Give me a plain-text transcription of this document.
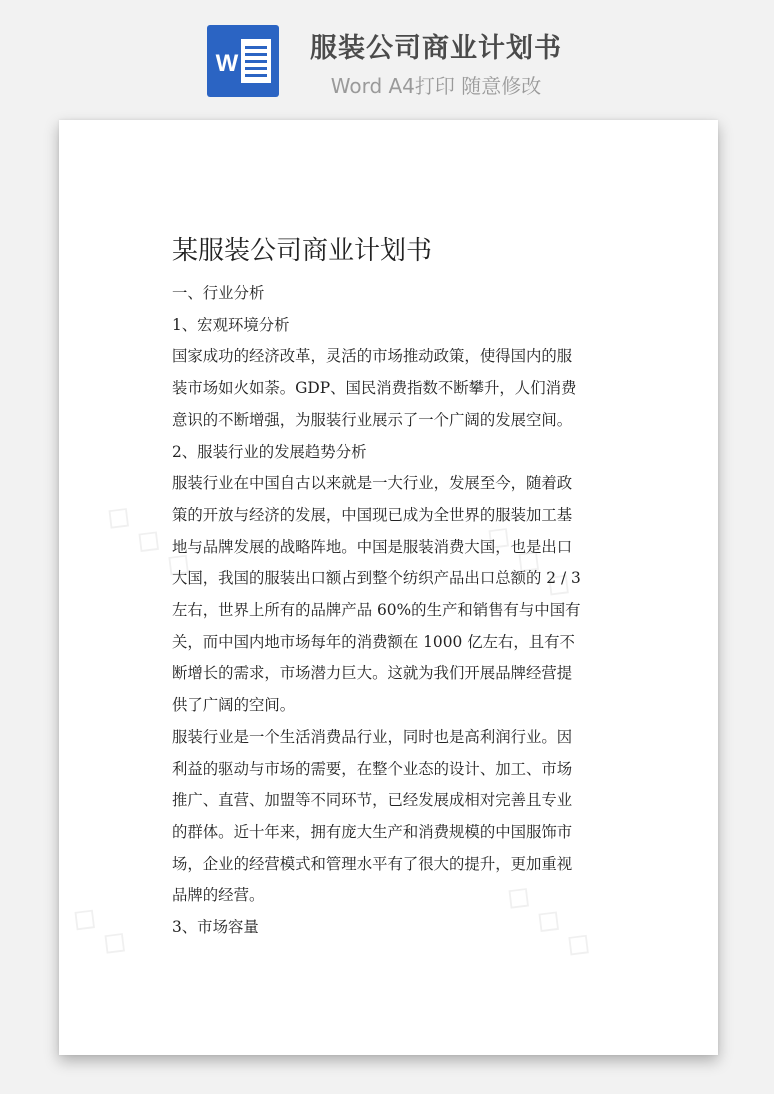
W	服装公司商业计划书
Word A4打印 随意修改
◇ ◇ ◇	◇ ◇ ◇
◇ ◇	◇ ◇ ◇
某服装公司商业计划书

一、行业分析

1、宏观环境分析

国家成功的经济改革，灵活的市场推动政策，使得国内的服

装市场如火如荼。GDP、国民消费指数不断攀升，人们消费

意识的不断增强，为服装行业展示了一个广阔的发展空间。

2、服装行业的发展趋势分析

服装行业在中国自古以来就是一大行业，发展至今，随着政

策的开放与经济的发展，中国现已成为全世界的服装加工基

地与品牌发展的战略阵地。中国是服装消费大国，也是出口

大国，我国的服装出口额占到整个纺织产品出口总额的 2 / 3

左右，世界上所有的品牌产品 60%的生产和销售有与中国有

关，而中国内地市场每年的消费额在 1000 亿左右，且有不

断增长的需求，市场潜力巨大。这就为我们开展品牌经营提

供了广阔的空间。

服装行业是一个生活消费品行业，同时也是高利润行业。因

利益的驱动与市场的需要，在整个业态的设计、加工、市场

推广、直营、加盟等不同环节，已经发展成相对完善且专业

的群体。近十年来，拥有庞大生产和消费规模的中国服饰市

场，企业的经营模式和管理水平有了很大的提升，更加重视

品牌的经营。

3、市场容量
